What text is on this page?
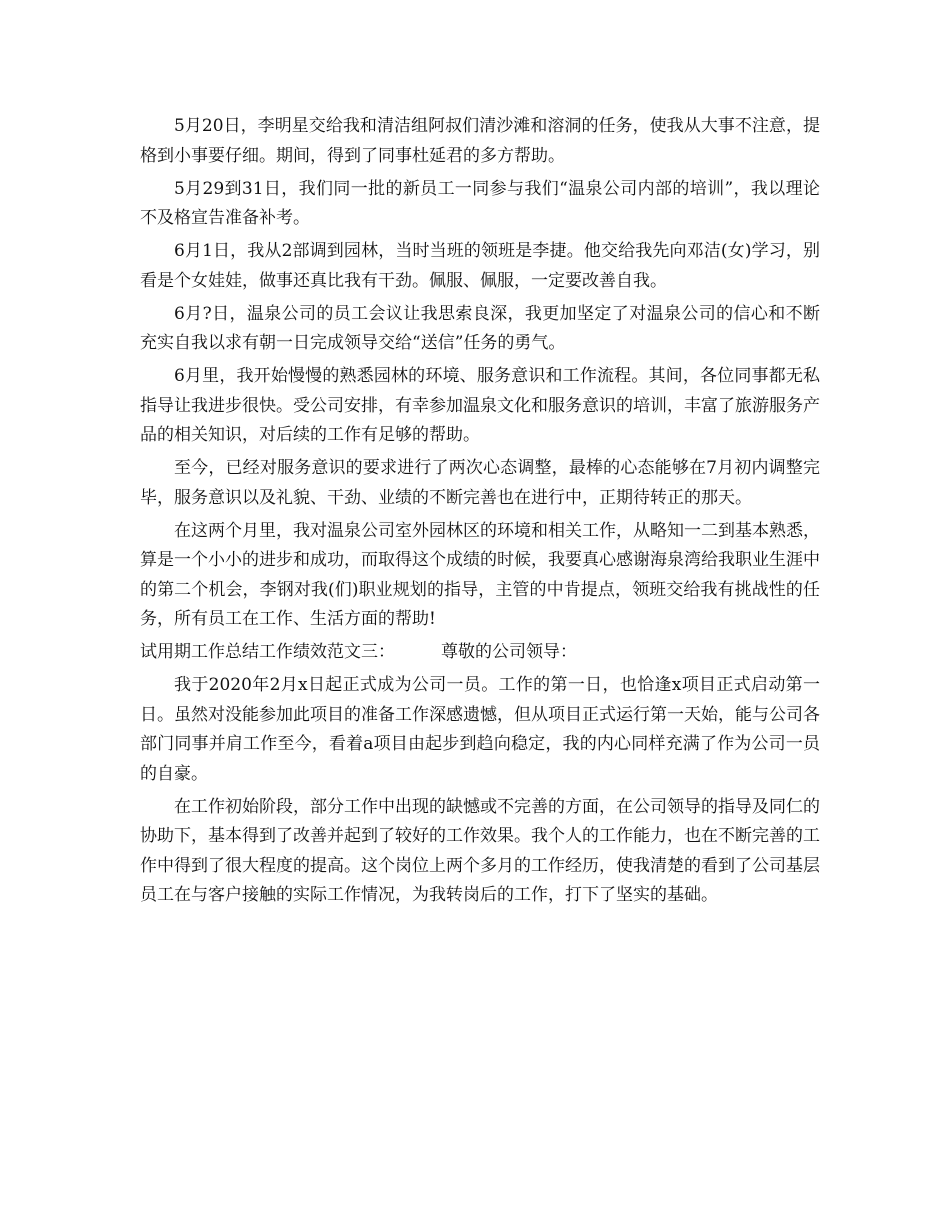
5月20日，李明星交给我和清洁组阿叔们清沙滩和溶洞的任务，使我从大事不注意，提格到小事要仔细。期间，得到了同事杜延君的多方帮助。

5月29到31日，我们同一批的新员工一同参与我们“温泉公司内部的培训”，我以理论不及格宣告准备补考。

6月1日，我从2部调到园林，当时当班的领班是李捷。他交给我先向邓洁(女)学习，别看是个女娃娃，做事还真比我有干劲。佩服、佩服，一定要改善自我。

6月?日，温泉公司的员工会议让我思索良深，我更加坚定了对温泉公司的信心和不断充实自我以求有朝一日完成领导交给“送信”任务的勇气。

6月里，我开始慢慢的熟悉园林的环境、服务意识和工作流程。其间，各位同事都无私指导让我进步很快。受公司安排，有幸参加温泉文化和服务意识的培训，丰富了旅游服务产品的相关知识，对后续的工作有足够的帮助。

至今，已经对服务意识的要求进行了两次心态调整，最棒的心态能够在7月初内调整完毕，服务意识以及礼貌、干劲、业绩的不断完善也在进行中，正期待转正的那天。

在这两个月里，我对温泉公司室外园林区的环境和相关工作，从略知一二到基本熟悉，算是一个小小的进步和成功，而取得这个成绩的时候，我要真心感谢海泉湾给我职业生涯中的第二个机会，李钢对我(们)职业规划的指导，主管的中肯提点，领班交给我有挑战性的任务，所有员工在工作、生活方面的帮助!

试用期工作总结工作绩效范文三：	尊敬的公司领导：

我于2020年2月x日起正式成为公司一员。工作的第一日，也恰逢x项目正式启动第一日。虽然对没能参加此项目的准备工作深感遗憾，但从项目正式运行第一天始，能与公司各部门同事并肩工作至今，看着a项目由起步到趋向稳定，我的内心同样充满了作为公司一员的自豪。

在工作初始阶段，部分工作中出现的缺憾或不完善的方面，在公司领导的指导及同仁的协助下，基本得到了改善并起到了较好的工作效果。我个人的工作能力，也在不断完善的工作中得到了很大程度的提高。这个岗位上两个多月的工作经历，使我清楚的看到了公司基层员工在与客户接触的实际工作情况，为我转岗后的工作，打下了坚实的基础。
